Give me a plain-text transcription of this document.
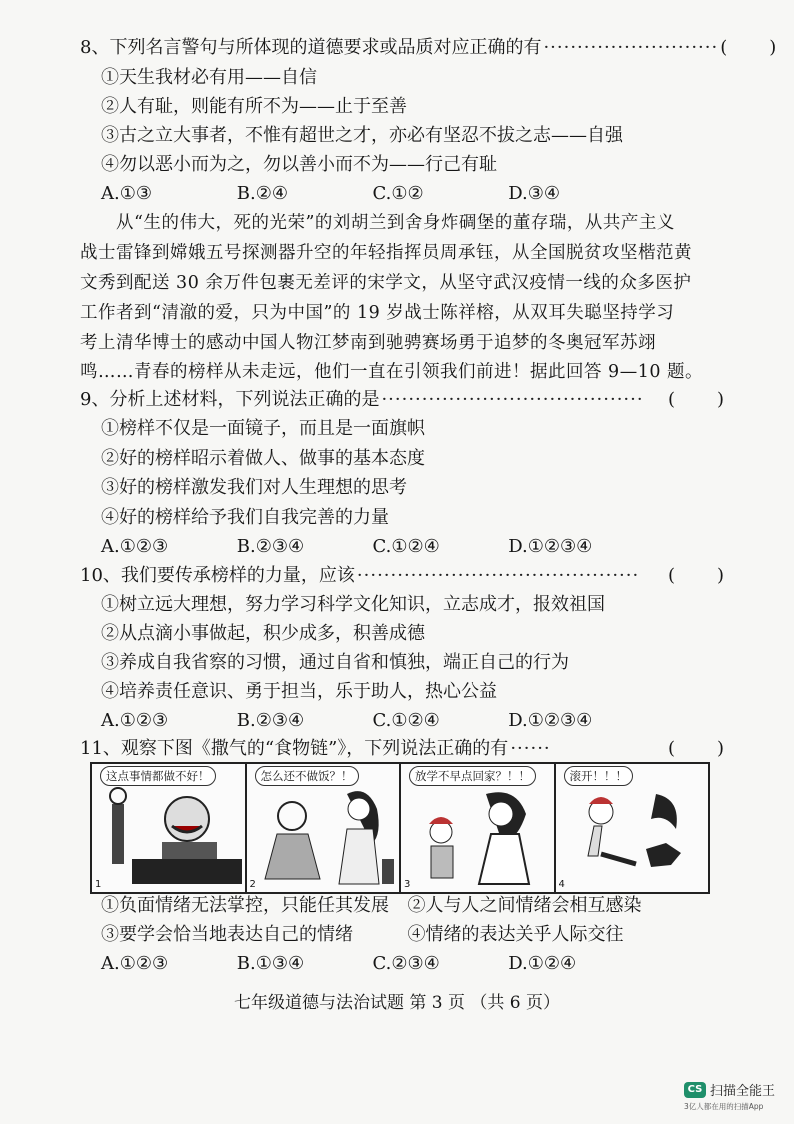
8、下列名言警句与所体现的道德要求或品质对应正确的有 ·························· ( )
①天生我材必有用——自信
②人有耻，则能有所不为——止于至善
③古之立大事者，不惟有超世之才，亦必有坚忍不拔之志——自强
④勿以恶小而为之，勿以善小而不为——行己有耻
A.①③	B.②④	C.①②	D.③④
从“生的伟大，死的光荣”的刘胡兰到舍身炸碉堡的董存瑞，从共产主义
战士雷锋到嫦娥五号探测器升空的年轻指挥员周承钰，从全国脱贫攻坚楷范黄
文秀到配送 30 余万件包裹无差评的宋学文，从坚守武汉疫情一线的众多医护
工作者到“清澈的爱，只为中国”的 19 岁战士陈祥榕，从双耳失聪坚持学习
考上清华博士的感动中国人物江梦南到驰骋赛场勇于追梦的冬奥冠军苏翊
鸣……青春的榜样从未走远，他们一直在引领我们前进！据此回答 9—10 题。
9、分析上述材料，下列说法正确的是 ·······································	( )
①榜样不仅是一面镜子，而且是一面旗帜
②好的榜样昭示着做人、做事的基本态度
③好的榜样激发我们对人生理想的思考
④好的榜样给予我们自我完善的力量
A.①②③	B.②③④	C.①②④	D.①②③④
10、我们要传承榜样的力量，应该 ··········································	( )
①树立远大理想，努力学习科学文化知识，立志成才，报效祖国
②从点滴小事做起，积少成多，积善成德
③养成自我省察的习惯，通过自省和慎独，端正自己的行为
④培养责任意识、勇于担当，乐于助人，热心公益
A.①②③	B.②③④	C.①②④	D.①②③④
11、观察下图《撒气的“食物链”》，下列说法正确的有 ······	( )
这点事情都做不好！
1
怎么还不做饭？！
2
放学不早点回家？！！
3
滚开！！！
4
①负面情绪无法掌控，只能任其发展	②人与人之间情绪会相互感染
③要学会恰当地表达自己的情绪	④情绪的表达关乎人际交往
A.①②③	B.①③④	C.②③④	D.①②④
七年级道德与法治试题 第 3 页 （共 6 页）
CS 扫描全能王
3亿人都在用的扫描App
